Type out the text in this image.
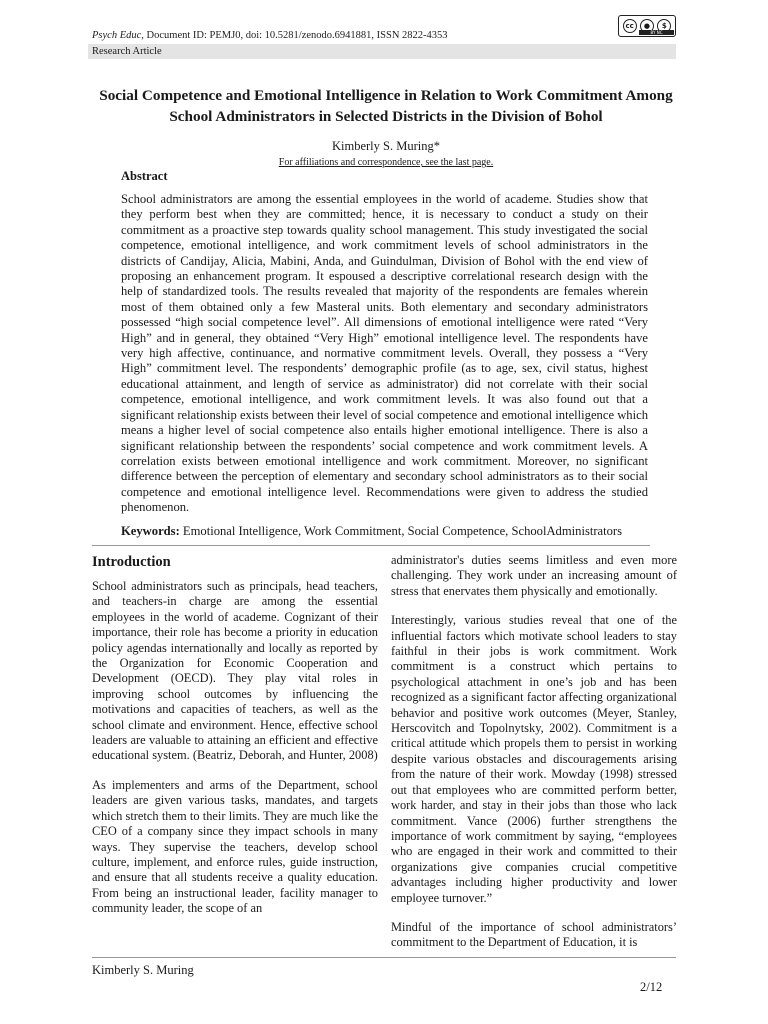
Psych Educ, Document ID: PEMJ0, doi: 10.5281/zenodo.6941881, ISSN 2822-4353
cc	●	$
BY NC
Research Article
Social Competence and Emotional Intelligence in Relation to Work Commitment Among School Administrators in Selected Districts in the Division of Bohol
Kimberly S. Muring*
For affiliations and correspondence, see the last page.
Abstract

School administrators are among the essential employees in the world of academe. Studies show that they perform best when they are committed; hence, it is necessary to conduct a study on their commitment as a proactive step towards quality school management. This study investigated the social competence, emotional intelligence, and work commitment levels of school administrators in the districts of Candijay, Alicia, Mabini, Anda, and Guindulman, Division of Bohol with the end view of proposing an enhancement program. It espoused a descriptive correlational research design with the help of standardized tools. The results revealed that majority of the respondents are females wherein most of them obtained only a few Masteral units. Both elementary and secondary administrators possessed “high social competence level”. All dimensions of emotional intelligence were rated “Very High” and in general, they obtained “Very High” emotional intelligence level. The respondents have very high affective, continuance, and normative commitment levels. Overall, they possess a “Very High” commitment level. The respondents’ demographic profile (as to age, sex, civil status, highest educational attainment, and length of service as administrator) did not correlate with their social competence, emotional intelligence, and work commitment levels. It was also found out that a significant relationship exists between their level of social competence and emotional intelligence which means a higher level of social competence also entails higher emotional intelligence. There is also a significant relationship between the respondents’ social competence and work commitment levels. A correlation exists between emotional intelligence and work commitment. Moreover, no significant difference between the perception of elementary and secondary school administrators as to their social competence and emotional intelligence level. Recommendations were given to address the studied phenomenon.

Keywords: Emotional Intelligence, Work Commitment, Social Competence, SchoolAdministrators
Introduction

School administrators such as principals, head teachers, and teachers-in charge are among the essential employees in the world of academe. Cognizant of their importance, their role has become a priority in education policy agendas internationally and locally as reported by the Organization for Economic Cooperation and Development (OECD). They play vital roles in improving school outcomes by influencing the motivations and capacities of teachers, as well as the school climate and environment. Hence, effective school leaders are valuable to attaining an efficient and effective educational system. (Beatriz, Deborah, and Hunter, 2008)

As implementers and arms of the Department, school leaders are given various tasks, mandates, and targets which stretch them to their limits. They are much like the CEO of a company since they impact schools in many ways. They supervise the teachers, develop school culture, implement, and enforce rules, guide instruction, and ensure that all students receive a quality education. From being an instructional leader, facility manager to community leader, the scope of an

administrator's duties seems limitless and even more challenging. They work under an increasing amount of stress that enervates them physically and emotionally.

Interestingly, various studies reveal that one of the influential factors which motivate school leaders to stay faithful in their jobs is work commitment. Work commitment is a construct which pertains to psychological attachment in one’s job and has been recognized as a significant factor affecting organizational behavior and positive work outcomes (Meyer, Stanley, Herscovitch and Topolnytsky, 2002). Commitment is a critical attitude which propels them to persist in working despite various obstacles and discouragements arising from the nature of their work. Mowday (1998) stressed out that employees who are committed perform better, work harder, and stay in their jobs than those who lack commitment. Vance (2006) further strengthens the importance of work commitment by saying, “employees who are engaged in their work and committed to their organizations give companies crucial competitive advantages including higher productivity and lower employee turnover.”

Mindful of the importance of school administrators’ commitment to the Department of Education, it is

Kimberly S. Muring
2/12
